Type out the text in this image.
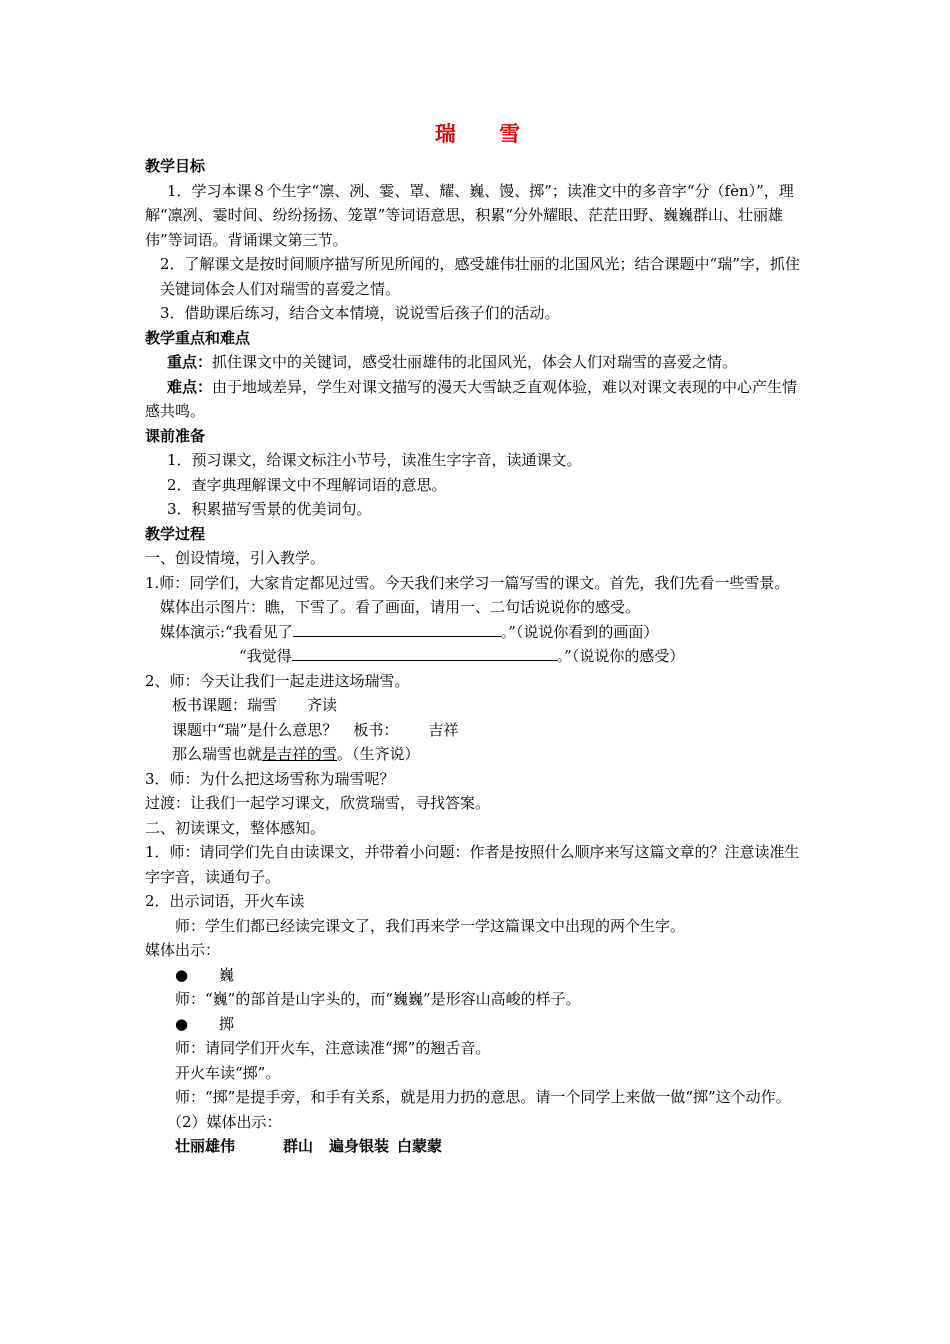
瑞 雪

教学目标

1．学习本课８个生字“凛、冽、霎、罩、耀、巍、馒、掷”；读准文中的多音字“分（fèn）”，理解“凛冽、霎时间、纷纷扬扬、笼罩”等词语意思，积累“分外耀眼、茫茫田野、巍巍群山、壮丽雄伟”等词语。背诵课文第三节。

2．了解课文是按时间顺序描写所见所闻的，感受雄伟壮丽的北国风光；结合课题中“瑞”字，抓住关键词体会人们对瑞雪的喜爱之情。

3．借助课后练习，结合文本情境，说说雪后孩子们的活动。

教学重点和难点

重点：抓住课文中的关键词，感受壮丽雄伟的北国风光，体会人们对瑞雪的喜爱之情。

难点：由于地域差异，学生对课文描写的漫天大雪缺乏直观体验，难以对课文表现的中心产生情感共鸣。

课前准备

1．预习课文，给课文标注小节号，读准生字字音，读通课文。

2．查字典理解课文中不理解词语的意思。

3．积累描写雪景的优美词句。

教学过程

一、创设情境，引入教学。

1.师：同学们，大家肯定都见过雪。今天我们来学习一篇写雪的课文。首先，我们先看一些雪景。

媒体出示图片：瞧，下雪了。看了画面，请用一、二句话说说你的感受。

媒体演示:“我看见了	。”（说说你看到的画面）

“我觉得	。”（说说你的感受）

2、师：今天让我们一起走进这场瑞雪。

板书课题：瑞雪 齐读

课题中“瑞”是什么意思？ 板书： 吉祥

那么瑞雪也就是吉祥的雪。（生齐说）

3．师：为什么把这场雪称为瑞雪呢？

过渡：让我们一起学习课文，欣赏瑞雪，寻找答案。

二、初读课文，整体感知。

1．师：请同学们先自由读课文，并带着小问题：作者是按照什么顺序来写这篇文章的？注意读准生字字音，读通句子。

2．出示词语，开火车读

师：学生们都已经读完课文了，我们再来学一学这篇课文中出现的两个生字。

媒体出示：

● 巍

师：“巍”的部首是山字头的，而“巍巍”是形容山高峻的样子。

● 掷

师：请同学们开火车，注意读准“掷”的翘舌音。

开火车读“掷”。

师：“掷”是提手旁，和手有关系，就是用力扔的意思。请一个同学上来做一做“掷”这个动作。

（2）媒体出示：

壮丽雄伟	群山 遍身银装 白蒙蒙
